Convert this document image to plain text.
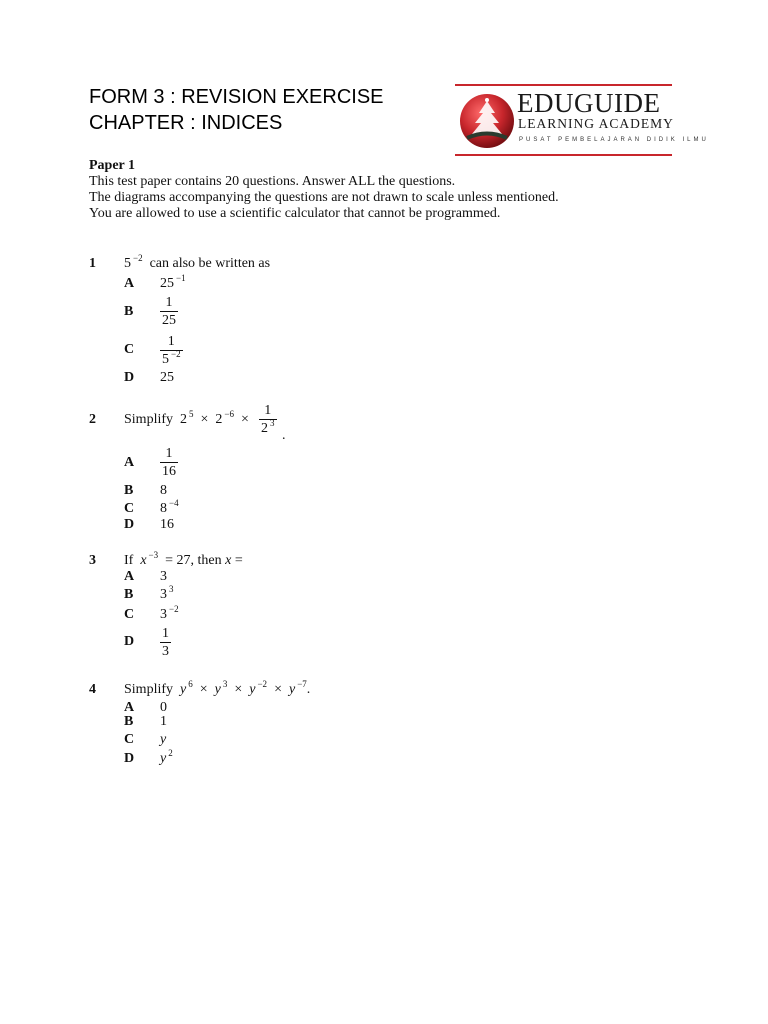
FORM 3 : REVISION EXERCISE
CHAPTER : INDICES
EDUGUIDE
LEARNING ACADEMY
PUSAT PEMBELAJARAN DIDIK ILMU
Paper 1
This test paper contains 20 questions. Answer ALL the questions.
The diagrams accompanying the questions are not drawn to scale unless mentioned.
You are allowed to use a scientific calculator that cannot be programmed.
1 5 $^{-2}$ can also be written as
A 25 $^{-1}$
B $\frac{1}{25}$
C $\frac{1}{5 ^{-2}}$
D 25
2 Simplify 2 $^5$ × 2 $^{-6} \times \frac{1}{2 ^3}$ .
A $\frac{1}{16}$
B 8
C 8 $^{-4}$
D 16
3 If x $^{-3}$ = 27, then x =
A 3
B 3 $^3$
C 3 $^{-2}$
D $\frac{1}{3}$
4 Simplify y $^6$ × y $^3$ × y $^{-2}$ × y $^{-7}$.
A 0
B 1
C y
D y $^2$
